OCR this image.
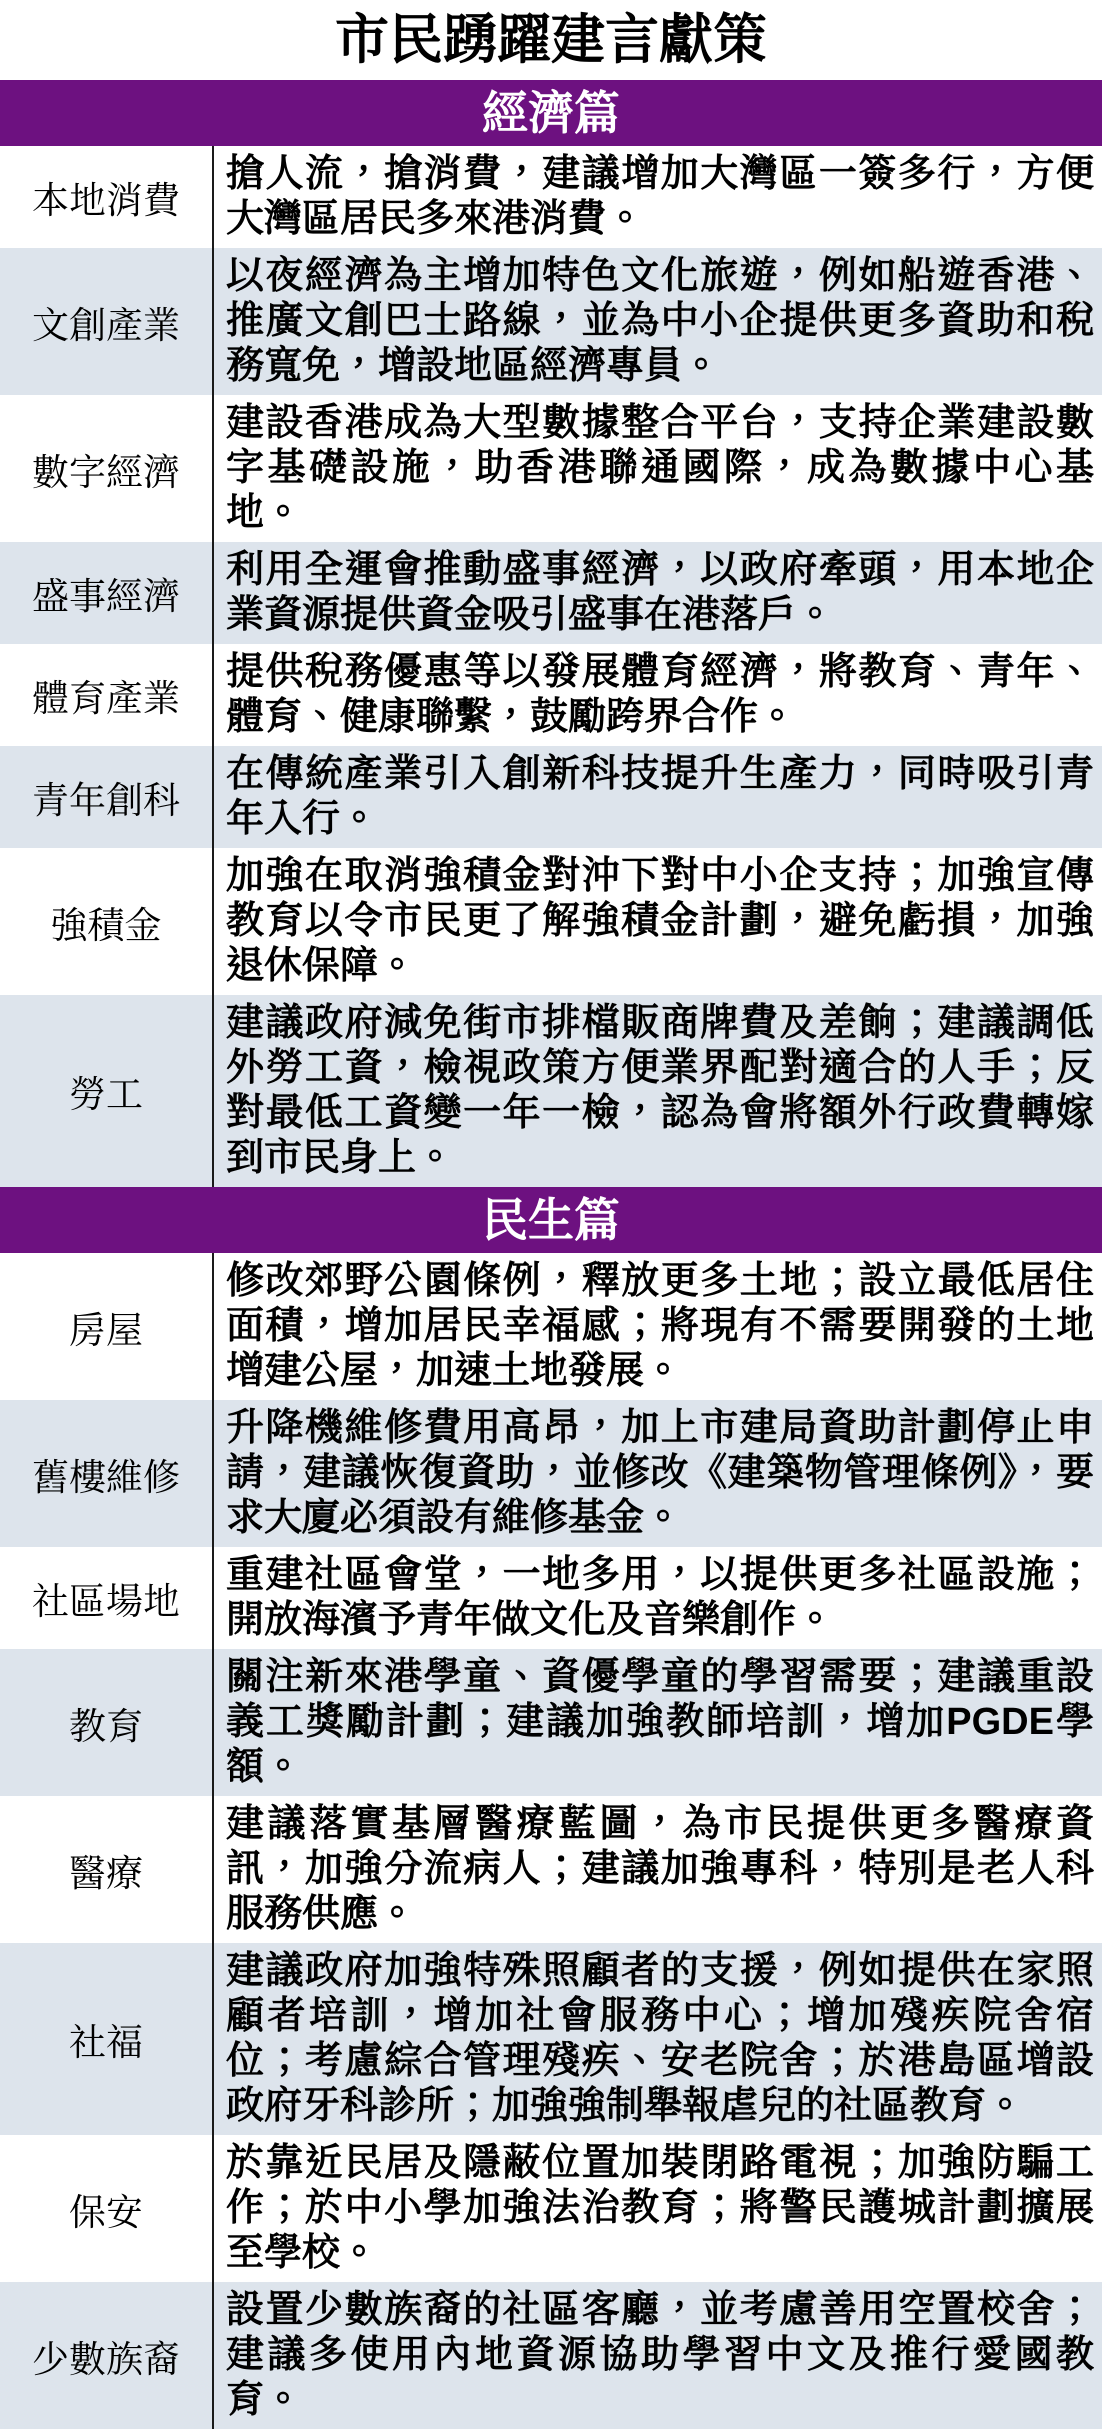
市民踴躍建言獻策
經濟篇
本地消費
搶人流，搶消費，建議增加大灣區一簽多行，方便大灣區居民多來港消費。
文創產業
以夜經濟為主增加特色文化旅遊，例如船遊香港、推廣文創巴士路線，並為中小企提供更多資助和稅務寬免，增設地區經濟專員。
數字經濟
建設香港成為大型數據整合平台，支持企業建設數字基礎設施，助香港聯通國際，成為數據中心基地。
盛事經濟
利用全運會推動盛事經濟，以政府牽頭，用本地企業資源提供資金吸引盛事在港落戶。
體育產業
提供稅務優惠等以發展體育經濟，將教育、青年、體育、健康聯繫，鼓勵跨界合作。
青年創科
在傳統產業引入創新科技提升生產力，同時吸引青年入行。
強積金
加強在取消強積金對沖下對中小企支持；加強宣傳教育以令市民更了解強積金計劃，避免虧損，加強退休保障。
勞工
建議政府減免街市排檔販商牌費及差餉；建議調低外勞工資，檢視政策方便業界配對適合的人手；反對最低工資變一年一檢，認為會將額外行政費轉嫁到市民身上。
民生篇
房屋
修改郊野公園條例，釋放更多土地；設立最低居住面積，增加居民幸福感；將現有不需要開發的土地增建公屋，加速土地發展。
舊樓維修
升降機維修費用高昂，加上市建局資助計劃停止申請，建議恢復資助，並修改《建築物管理條例》，要求大廈必須設有維修基金。
社區場地
重建社區會堂，一地多用，以提供更多社區設施；開放海濱予青年做文化及音樂創作。
教育
關注新來港學童、資優學童的學習需要；建議重設義工獎勵計劃；建議加強教師培訓，增加PGDE學額。
醫療
建議落實基層醫療藍圖，為市民提供更多醫療資訊，加強分流病人；建議加強專科，特別是老人科服務供應。
社福
建議政府加強特殊照顧者的支援，例如提供在家照顧者培訓，增加社會服務中心；增加殘疾院舍宿位；考慮綜合管理殘疾、安老院舍；於港島區增設政府牙科診所；加強強制舉報虐兒的社區教育。
保安
於靠近民居及隱蔽位置加裝閉路電視；加強防騙工作；於中小學加強法治教育；將警民護城計劃擴展至學校。
少數族裔
設置少數族裔的社區客廳，並考慮善用空置校舍；建議多使用內地資源協助學習中文及推行愛國教育。
